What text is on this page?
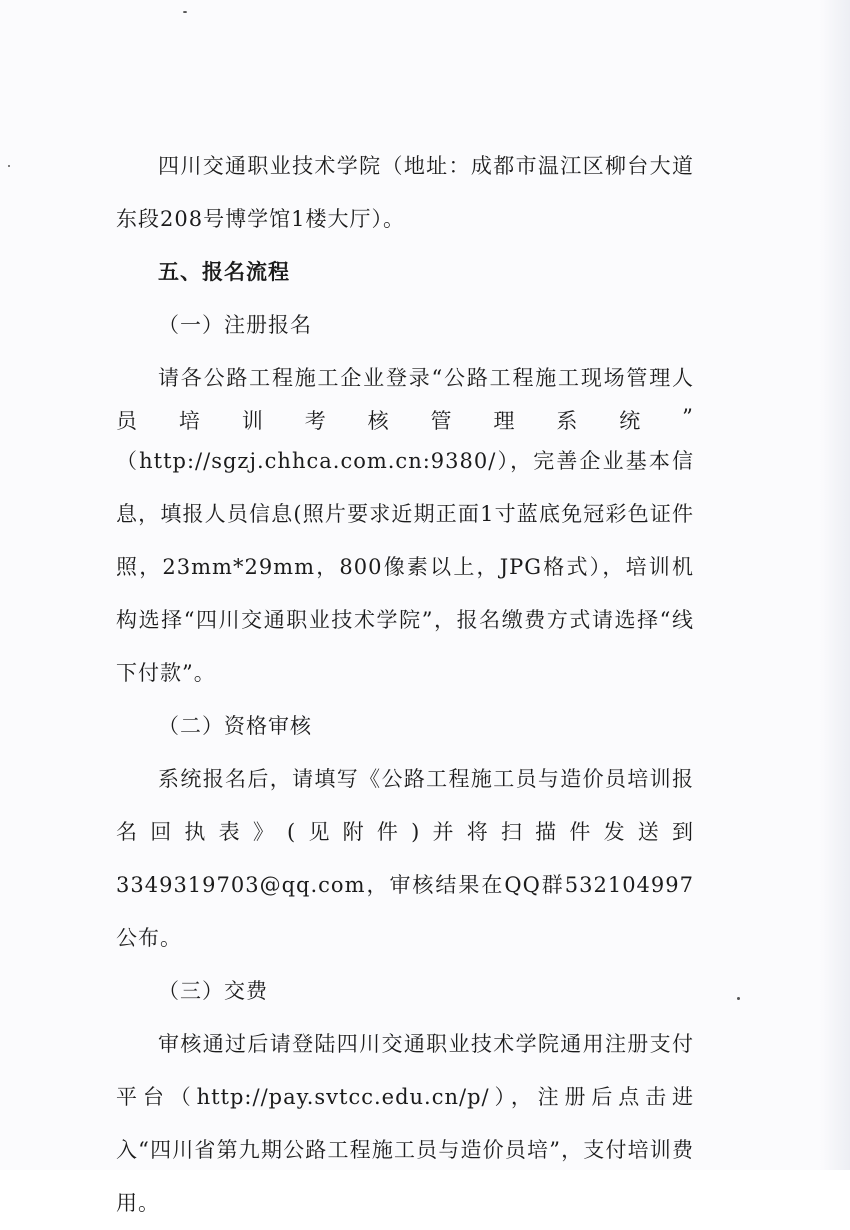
四川交通职业技术学院（地址：成都市温江区柳台大道东段208号博学馆1楼大厅）。

五、报名流程

（一）注册报名

请各公路工程施工企业登录“公路工程施工现场管理人

员 培 训 考 核 管 理 系 统 ”

（http://sgzj.chhca.com.cn:9380/），完善企业基本信息，填报人员信息(照片要求近期正面1寸蓝底免冠彩色证件照，23mm*29mm，800像素以上，JPG格式），培训机构选择“四川交通职业技术学院”，报名缴费方式请选择“线下付款”。

（二）资格审核

系统报名后，请填写《公路工程施工员与造价员培训报名回执表》(见附件)并将扫描件发送到3349319703@qq.com，审核结果在QQ群532104997公布。

（三）交费

审核通过后请登陆四川交通职业技术学院通用注册支付平台（http://pay.svtcc.edu.cn/p/），注册后点击进入“四川省第九期公路工程施工员与造价员培”，支付培训费用。
